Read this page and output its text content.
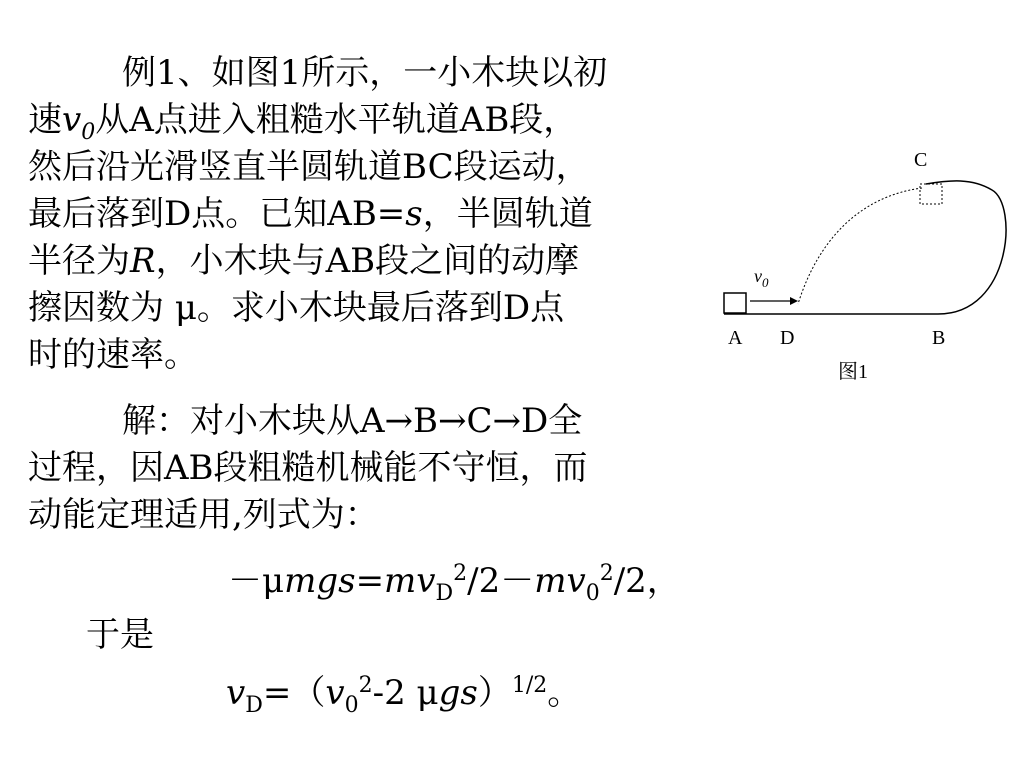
例1、如图1所示，一小木块以初
速$v_0$从A点进入粗糙水平轨道AB段，
然后沿光滑竖直半圆轨道BC段运动，
最后落到D点。已知AB=s，半圆轨道
半径为R，小木块与AB段之间的动摩
擦因数为 μ。求小木块最后落到D点
时的速率。
解：对小木块从A→B→C→D全
过程，因AB段粗糙机械能不守恒，而
动能定理适用,列式为：
$-\mu mgs=mv_D^2/2-mv_0^2/2$，
于是
$v_D=(v_0^2-2$ μgs）$^{1/2}$。
C
$v_0$
A D	B
图1
